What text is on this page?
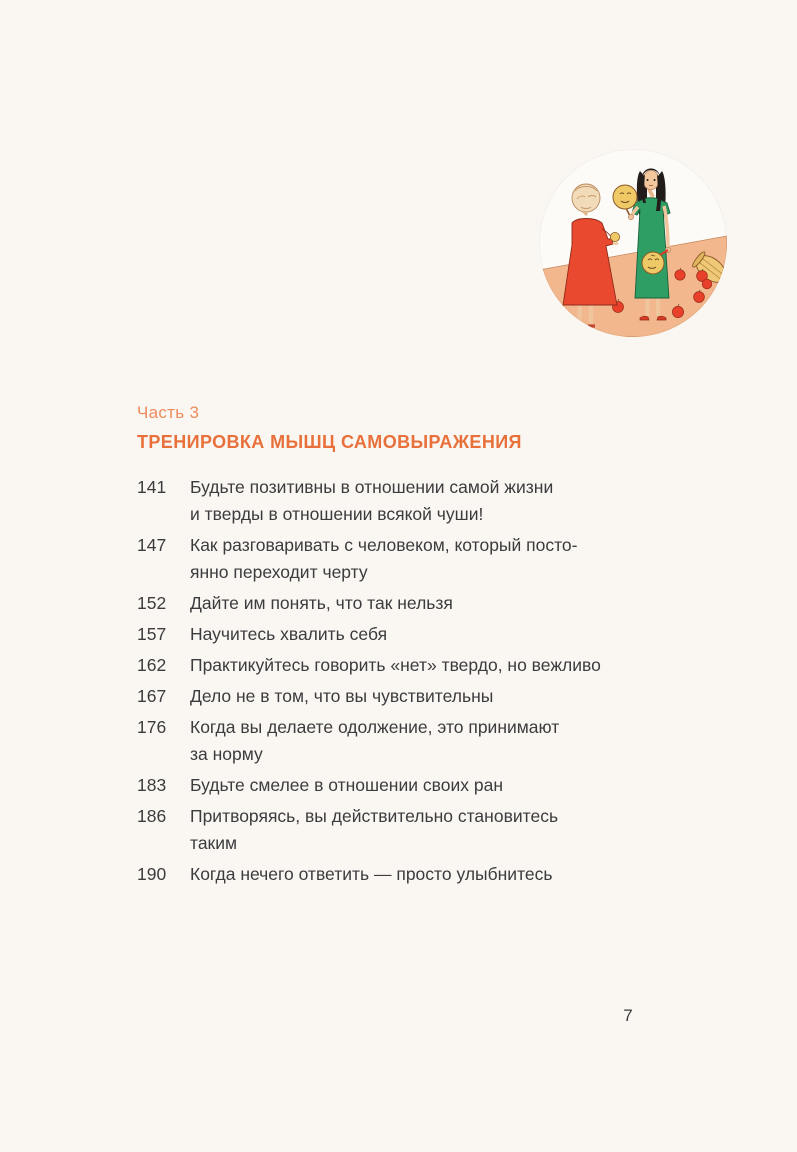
Часть 3
ТРЕНИРОВКА МЫШЦ САМОВЫРАЖЕНИЯ
141	Будьте позитивны в отношении самой жизни
и тверды в отношении всякой чуши!
147	Как разговаривать с человеком, который посто-
янно переходит черту
152	Дайте им понять, что так нельзя
157	Научитесь хвалить себя
162	Практикуйтесь говорить «нет» твердо, но вежливо
167	Дело не в том, что вы чувствительны
176	Когда вы делаете одолжение, это принимают
за норму
183	Будьте смелее в отношении своих ран
186	Притворяясь, вы действительно становитесь
таким
190	Когда нечего ответить — просто улыбнитесь
7
